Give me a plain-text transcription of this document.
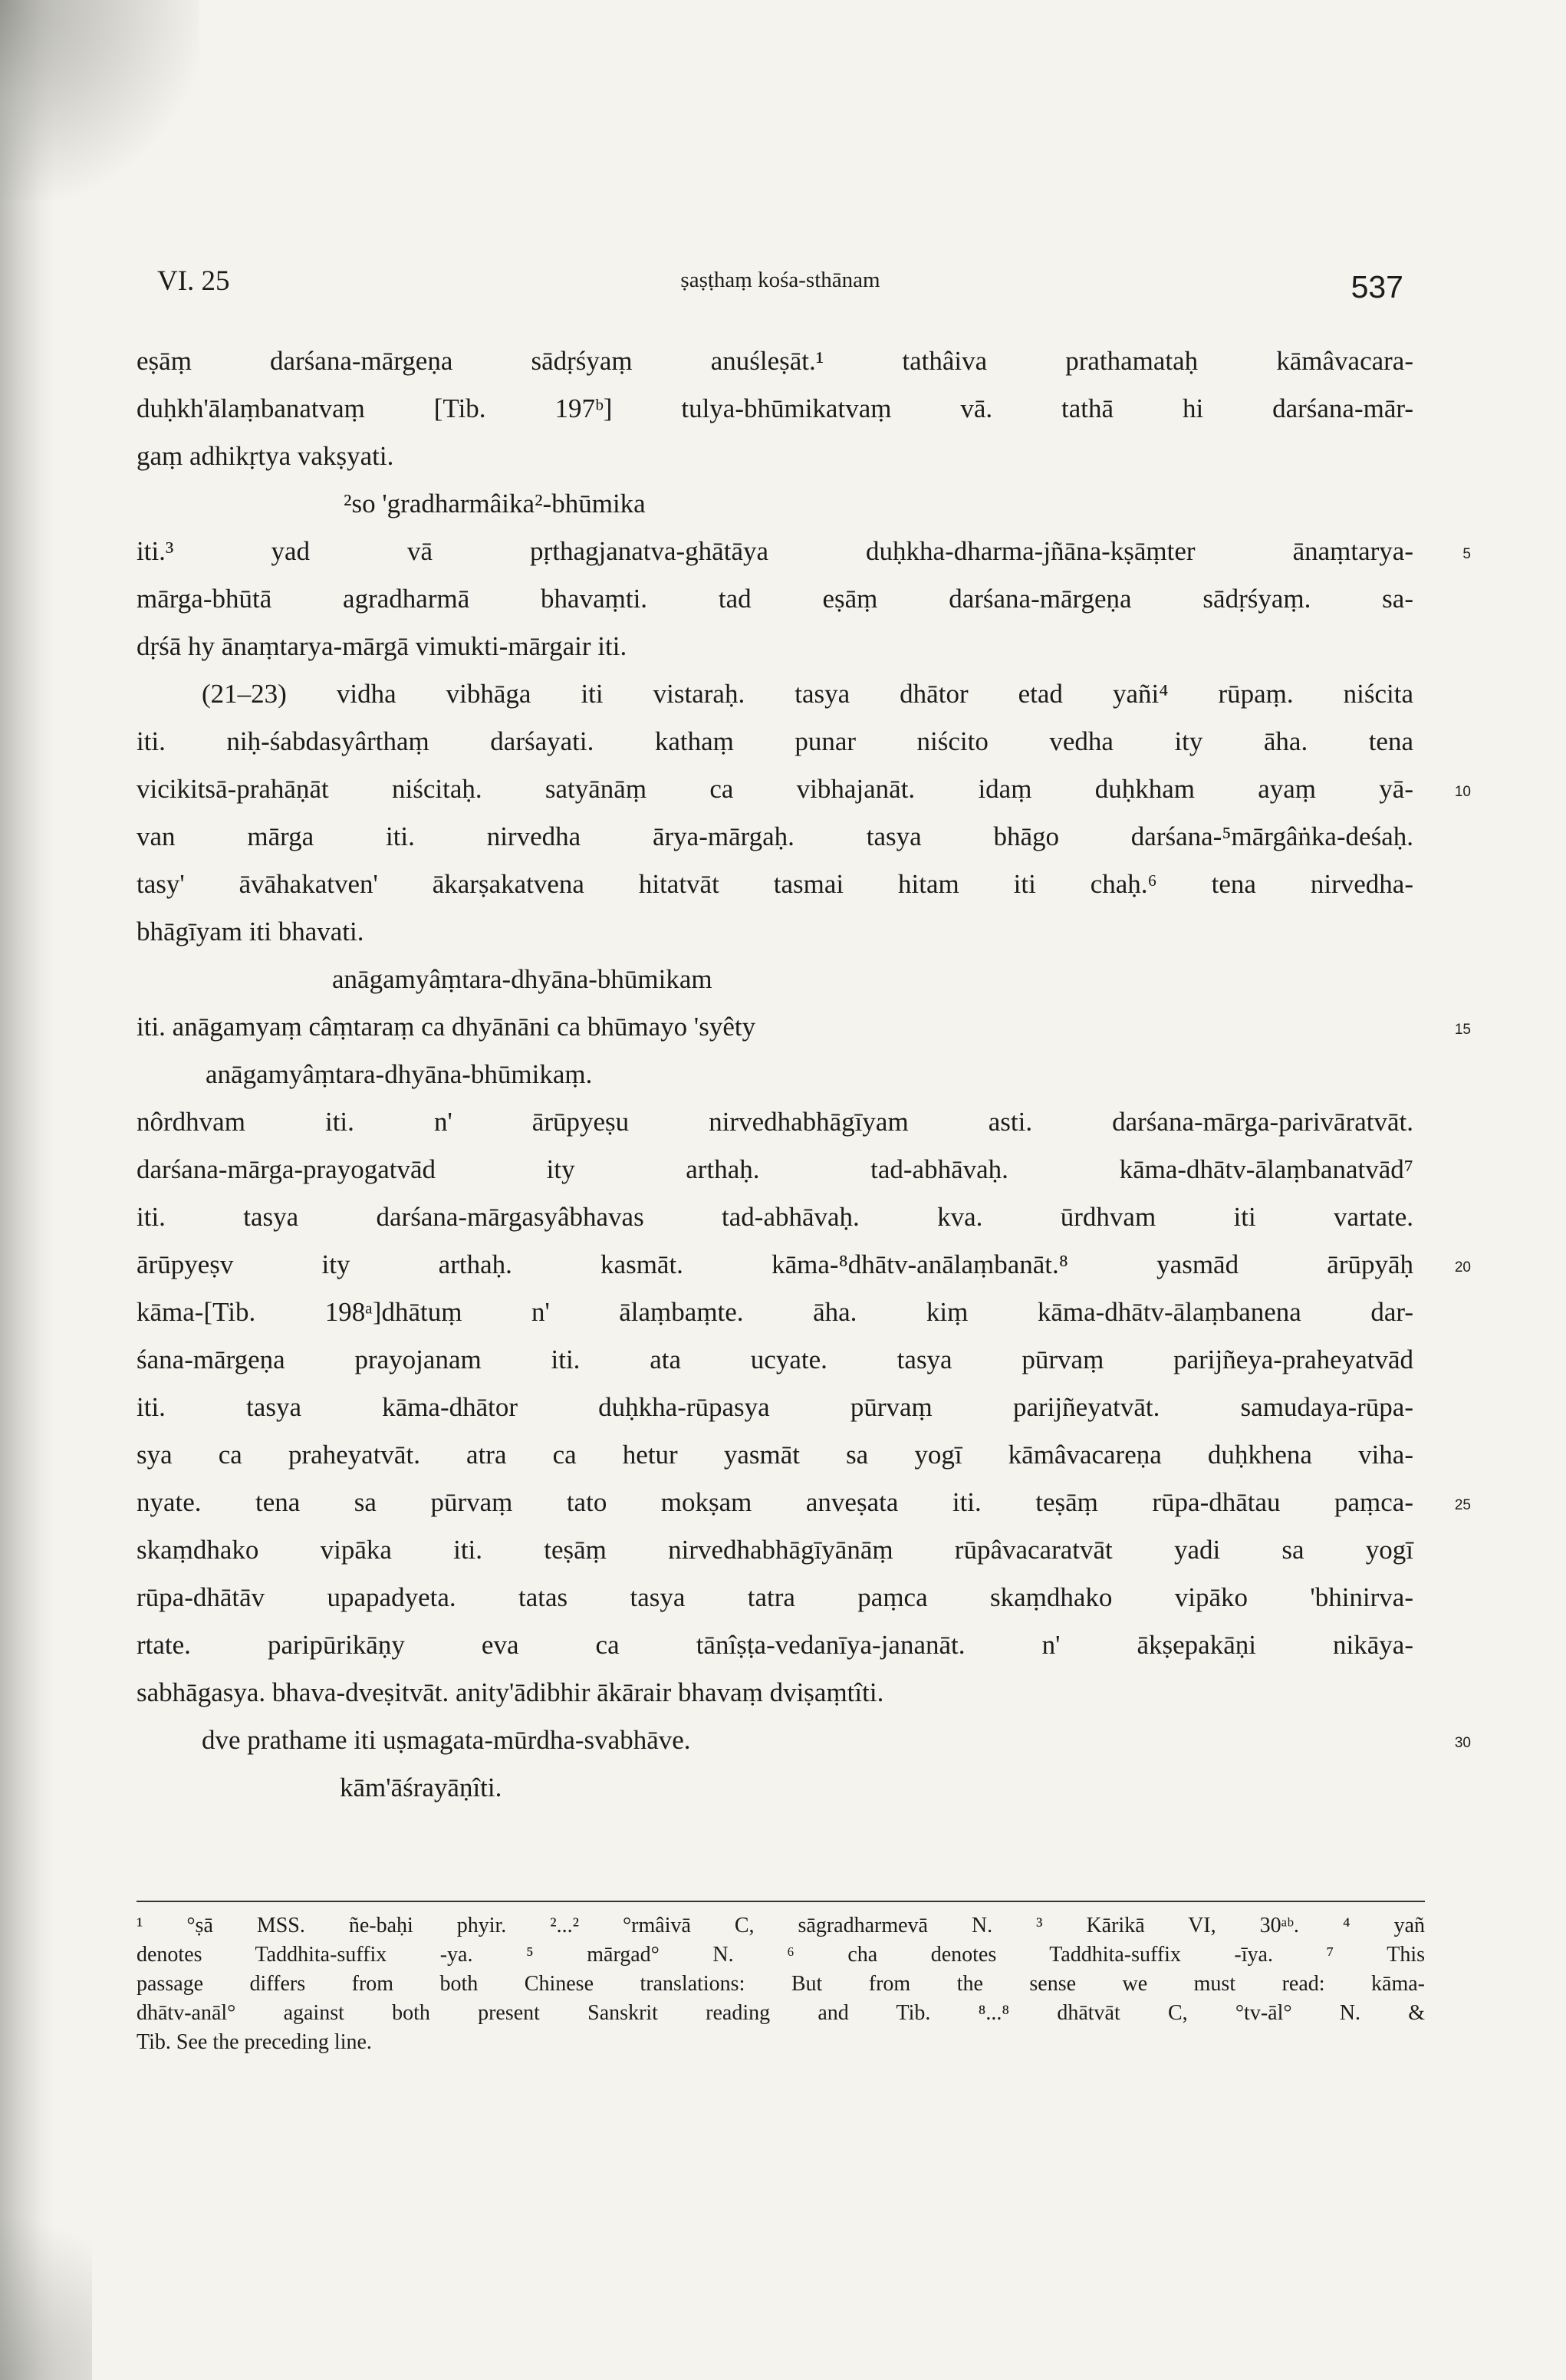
VI. 25	ṣaṣṭhaṃ kośa-sthānam	537
eṣāṃ darśana-mārgeṇa sādṛśyaṃ anuśleṣāt.¹ tathâiva prathamataḥ kāmâvacara-
duḥkh'ālaṃbanatvaṃ [Tib. 197ᵇ] tulya-bhūmikatvaṃ vā. tathā hi darśana-mār-
gaṃ adhikṛtya vakṣyati.
²so 'gradharmâika²-bhūmika
iti.³ yad vā pṛthagjanatva-ghātāya duḥkha-dharma-jñāna-kṣāṃter ānaṃtarya-	5
mārga-bhūtā agradharmā bhavaṃti. tad eṣāṃ darśana-mārgeṇa sādṛśyaṃ. sa-
dṛśā hy ānaṃtarya-mārgā vimukti-mārgair iti.
(21–23) vidha vibhāga iti vistaraḥ. tasya dhātor etad yañi⁴ rūpaṃ. niścita
iti. niḥ-śabdasyârthaṃ darśayati. kathaṃ punar niścito vedha ity āha. tena
vicikitsā-prahāṇāt niścitaḥ. satyānāṃ ca vibhajanāt. idaṃ duḥkham ayaṃ yā-	10
van mārga iti. nirvedha ārya-mārgaḥ. tasya bhāgo darśana-⁵mārgâṅka-deśaḥ.
tasy' āvāhakatven' ākarṣakatvena hitatvāt tasmai hitam iti chaḥ.⁶ tena nirvedha-
bhāgīyam iti bhavati.
anāgamyâṃtara-dhyāna-bhūmikam
iti. anāgamyaṃ câṃtaraṃ ca dhyānāni ca bhūmayo 'syêty	15
anāgamyâṃtara-dhyāna-bhūmikaṃ.
nôrdhvam iti. n' ārūpyeṣu nirvedhabhāgīyam asti. darśana-mārga-parivāratvāt.
darśana-mārga-prayogatvād ity arthaḥ. tad-abhāvaḥ. kāma-dhātv-ālaṃbanatvād⁷
iti. tasya darśana-mārgasyâbhavas tad-abhāvaḥ. kva. ūrdhvam iti vartate.
ārūpyeṣv ity arthaḥ. kasmāt. kāma-⁸dhātv-anālaṃbanāt.⁸ yasmād ārūpyāḥ	20
kāma-[Tib. 198ᵃ]dhātuṃ n' ālaṃbaṃte. āha. kiṃ kāma-dhātv-ālaṃbanena dar-
śana-mārgeṇa prayojanam iti. ata ucyate. tasya pūrvaṃ parijñeya-praheyatvād
iti. tasya kāma-dhātor duḥkha-rūpasya pūrvaṃ parijñeyatvāt. samudaya-rūpa-
sya ca praheyatvāt. atra ca hetur yasmāt sa yogī kāmâvacareṇa duḥkhena viha-
nyate. tena sa pūrvaṃ tato mokṣam anveṣata iti. teṣāṃ rūpa-dhātau paṃca-	25
skaṃdhako vipāka iti. teṣāṃ nirvedhabhāgīyānāṃ rūpâvacaratvāt yadi sa yogī
rūpa-dhātāv upapadyeta. tatas tasya tatra paṃca skaṃdhako vipāko 'bhinirva-
rtate. paripūrikāṇy eva ca tānîṣṭa-vedanīya-jananāt. n' ākṣepakāṇi nikāya-
sabhāgasya. bhava-dveṣitvāt. anity'ādibhir ākārair bhavaṃ dviṣaṃtîti.
dve prathame iti uṣmagata-mūrdha-svabhāve.	30
kām'āśrayāṇîti.
¹ °ṣā MSS. ñe-baḥi phyir. ²...² °rmâivā C, sāgradharmevā N. ³ Kārikā VI, 30ᵃᵇ. ⁴ yañ
denotes Taddhita-suffix -ya. ⁵ mārgad° N. ⁶ cha denotes Taddhita-suffix -īya. ⁷ This
passage differs from both Chinese translations: But from the sense we must read: kāma-
dhātv-anāl° against both present Sanskrit reading and Tib. ⁸...⁸ dhātvāt C, °tv-āl° N. &
Tib. See the preceding line.
